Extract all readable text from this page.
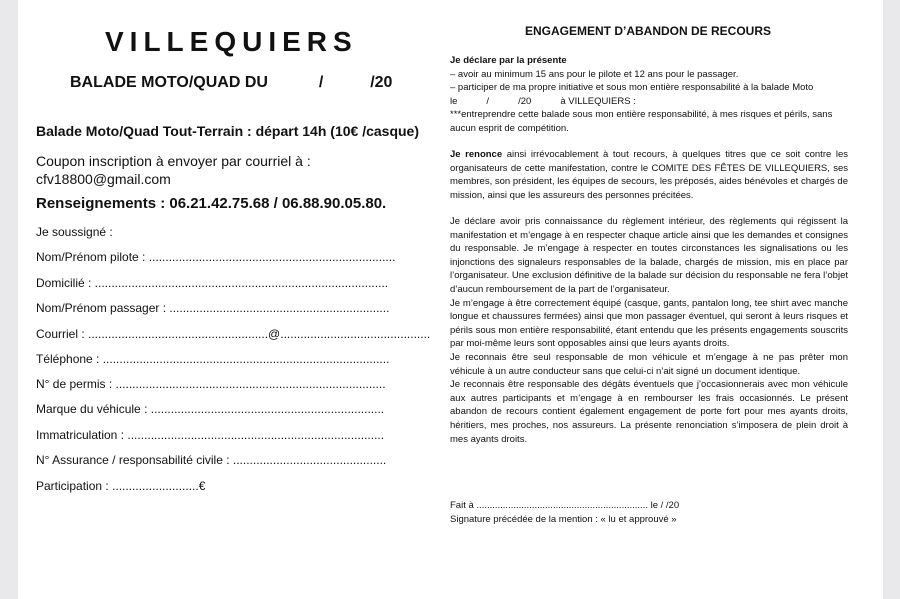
VILLEQUIERS
BALADE MOTO/QUAD DU	/	/20
Balade Moto/Quad Tout-Terrain : départ 14h (10€ /casque)
Coupon inscription à envoyer par courriel à :
cfv18800@gmail.com
Renseignements : 06.21.42.75.68 / 06.88.90.05.80.
Je soussigné :
Nom/Prénom pilote : ..........................................................................
Domicilié : ........................................................................................
Nom/Prénom passager : ..................................................................
Courriel : ......................................................@.............................................
Téléphone : ......................................................................................
N° de permis : .................................................................................
Marque du véhicule : ......................................................................
Immatriculation : .............................................................................
N° Assurance / responsabilité civile : ..............................................
Participation : ..........................€
ENGAGEMENT D’ABANDON DE RECOURS

Je déclare par la présente

– avoir au minimum 15 ans pour le pilote et 12 ans pour le passager.

– participer de ma propre initiative et sous mon entière responsabilité à la balade Moto

le           /           /20           à VILLEQUIERS :

***entreprendre cette balade sous mon entière responsabilité, à mes risques et périls, sans aucun esprit de compétition.

Je renonce ainsi irrévocablement à tout recours, à quelques titres que ce soit contre les organisateurs de cette manifestation, contre le COMITE DES FÊTES DE VILLEQUIERS, ses membres, son président, les équipes de secours, les préposés, aides bénévoles et chargés de mission, ainsi que les assureurs des personnes précitées.

Je déclare avoir pris connaissance du règlement intérieur, des règlements qui régissent la manifestation et m’engage à en respecter chaque article ainsi que les demandes et consignes du responsable. Je m’engage à respecter en toutes circonstances les signalisations ou les injonctions des signaleurs responsables de la balade, chargés de mission, mis en place par l’organisateur. Une exclusion définitive de la balade sur décision du responsable ne fera l’objet d’aucun remboursement de la part de l’organisateur.

Je m’engage à être correctement équipé (casque, gants, pantalon long, tee shirt avec manche longue et chaussures fermées) ainsi que mon passager éventuel, qui seront à leurs risques et périls sous mon entière responsabilité, étant entendu que les présents engagements souscrits par moi-même leurs sont opposables ainsi que leurs ayants droits.

Je reconnais être seul responsable de mon véhicule et m’engage à ne pas prêter mon véhicule à un autre conducteur sans que celui-ci n’ait signé un document identique.

Je reconnais être responsable des dégâts éventuels que j’occasionnerais avec mon véhicule aux autres participants et m’engage à en rembourser les frais occasionnés. Le présent abandon de recours contient également engagement de porte fort pour mes ayants droits, héritiers, mes proches, nos assureurs. La présente renonciation s’imposera de plein droit à mes ayants droits.

Fait à ................................................................. le / /20
Signature précédée de la mention : « lu et approuvé »
